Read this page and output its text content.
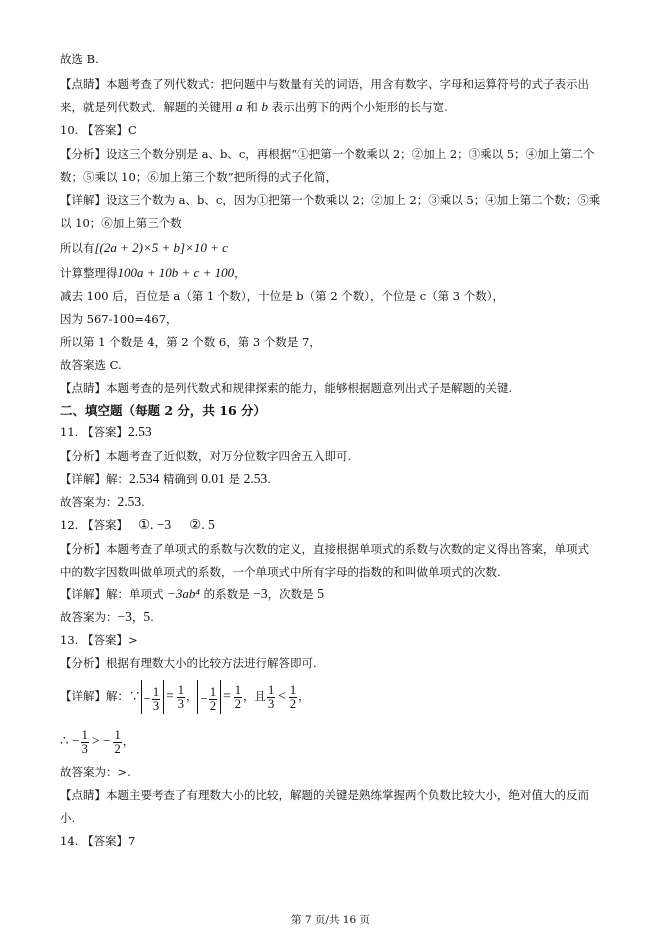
故选 B.
【点睛】本题考查了列代数式：把问题中与数量有关的词语，用含有数字、字母和运算符号的式子表示出
来，就是列代数式．解题的关键用 a 和 b 表示出剪下的两个小矩形的长与宽.
10. 【答案】C
【分析】设这三个数分别是 a、b、c，再根据“①把第一个数乘以 2；②加上 2；③乘以 5；④加上第二个
数；⑤乘以 10；⑥加上第三个数”把所得的式子化简，
【详解】设这三个数为 a、b、c，因为①把第一个数乘以 2；②加上 2；③乘以 5；④加上第二个数；⑤乘
以 10；⑥加上第三个数
所以有[(2a + 2)×5 + b]×10 + c
计算整理得100a + 10b + c + 100，
减去 100 后，百位是 a（第 1 个数），十位是 b（第 2 个数），个位是 c（第 3 个数），
因为 567-100=467，
所以第 1 个数是 4，第 2 个数 6，第 3 个数是 7，
故答案选 C.
【点睛】本题考查的是列代数式和规律探索的能力，能够根据题意列出式子是解题的关键.
二、填空题（每题 2 分，共 16 分）
11. 【答案】2.53
【分析】本题考查了近似数，对万分位数字四舍五入即可.
【详解】解：2.534 精确到 0.01 是 2.53.
故答案为：2.53.
12. 【答案】 ①. −3 ②. 5
【分析】本题考查了单项式的系数与次数的定义，直接根据单项式的系数与次数的定义得出答案，单项式
中的数字因数叫做单项式的系数，一个单项式中所有字母的指数的和叫做单项式的次数.
【详解】解：单项式 −3ab⁴ 的系数是 −3，次数是 5
故答案为：−3，5.
13. 【答案】>
【分析】根据有理数大小的比较方法进行解答即可.
【详解】解：∵ − $\frac{1}{3} = \frac{1}{3}$ ， − $\frac{1}{2} = \frac{1}{2}$ ，且 $\frac{1}{3} < \frac{1}{2}$ ，
∴ − $\frac{1}{3}$ > − $\frac{1}{2}$ ，
故答案为：>.
【点睛】本题主要考查了有理数大小的比较，解题的关键是熟练掌握两个负数比较大小，绝对值大的反而
小.
14. 【答案】7
第 7 页/共 16 页
